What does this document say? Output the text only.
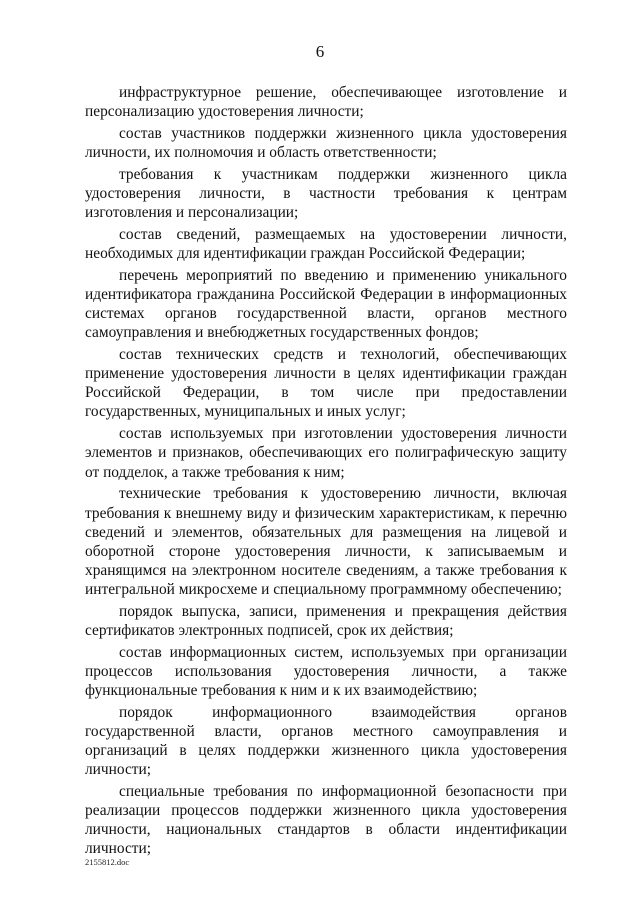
6

инфраструктурное решение, обеспечивающее изготовление и персонализацию удостоверения личности;

состав участников поддержки жизненного цикла удостоверения личности, их полномочия и область ответственности;

требования к участникам поддержки жизненного цикла удостоверения личности, в частности требования к центрам изготовления и персонализации;

состав сведений, размещаемых на удостоверении личности, необходимых для идентификации граждан Российской Федерации;

перечень мероприятий по введению и применению уникального идентификатора гражданина Российской Федерации в информационных системах органов государственной власти, органов местного самоуправления и внебюджетных государственных фондов;

состав технических средств и технологий, обеспечивающих применение удостоверения личности в целях идентификации граждан Российской Федерации, в том числе при предоставлении государственных, муниципальных и иных услуг;

состав используемых при изготовлении удостоверения личности элементов и признаков, обеспечивающих его полиграфическую защиту от подделок, а также требования к ним;

технические требования к удостоверению личности, включая требования к внешнему виду и физическим характеристикам, к перечню сведений и элементов, обязательных для размещения на лицевой и оборотной стороне удостоверения личности, к записываемым и хранящимся на электронном носителе сведениям, а также требования к интегральной микросхеме и специальному программному обеспечению;

порядок выпуска, записи, применения и прекращения действия сертификатов электронных подписей, срок их действия;

состав информационных систем, используемых при организации процессов использования удостоверения личности, а также функциональные требования к ним и к их взаимодействию;

порядок информационного взаимодействия органов государственной власти, органов местного самоуправления и организаций в целях поддержки жизненного цикла удостоверения личности;

специальные требования по информационной безопасности при реализации процессов поддержки жизненного цикла удостоверения личности, национальных стандартов в области индентификации личности;

2155812.doc
